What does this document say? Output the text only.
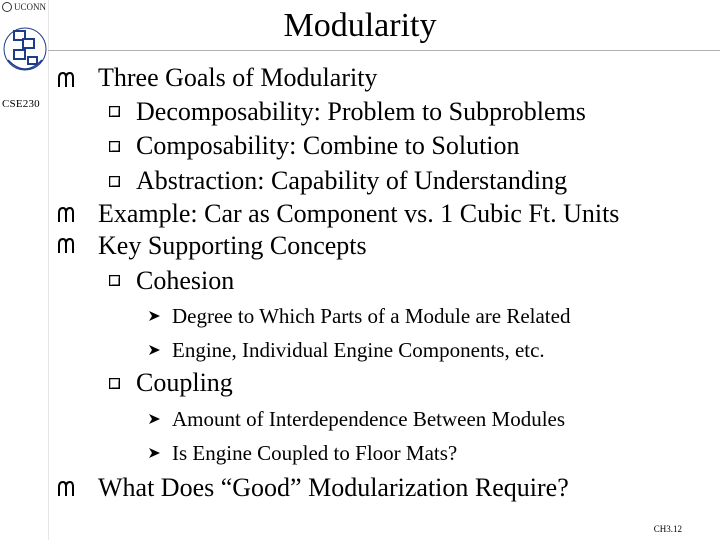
UCONN
CSE230
Modularity
Three Goals of Modularity
Decomposability: Problem to Subproblems
Composability: Combine to Solution
Abstraction: Capability of Understanding
Example: Car as Component vs. 1 Cubic Ft. Units
Key Supporting Concepts
Cohesion
Degree to Which Parts of a Module are Related
Engine, Individual Engine Components, etc.
Coupling
Amount of Interdependence Between Modules
Is Engine Coupled to Floor Mats?
What Does “Good” Modularization Require?
CH3.12
